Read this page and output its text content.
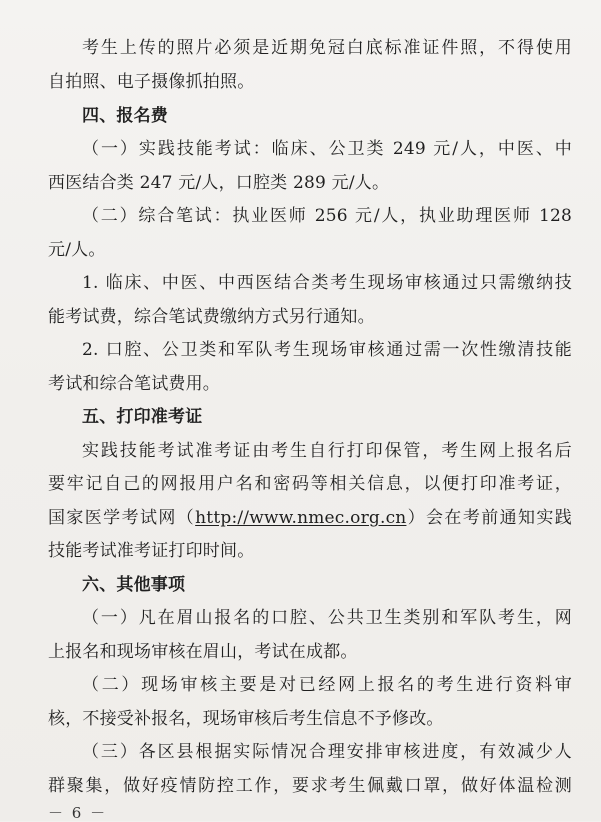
考生上传的照片必须是近期免冠白底标准证件照，不得使用
自拍照、电子摄像抓拍照。
四、报名费
（一）实践技能考试：临床、公卫类 249 元/人，中医、中
西医结合类 247 元/人，口腔类 289 元/人。
（二）综合笔试：执业医师 256 元/人，执业助理医师 128
元/人。
1. 临床、中医、中西医结合类考生现场审核通过只需缴纳技
能考试费，综合笔试费缴纳方式另行通知。
2. 口腔、公卫类和军队考生现场审核通过需一次性缴清技能
考试和综合笔试费用。
五、打印准考证
实践技能考试准考证由考生自行打印保管，考生网上报名后
要牢记自己的网报用户名和密码等相关信息，以便打印准考证，
国家医学考试网（http://www.nmec.org.cn）会在考前通知实践
技能考试准考证打印时间。
六、其他事项
（一）凡在眉山报名的口腔、公共卫生类别和军队考生，网
上报名和现场审核在眉山，考试在成都。
（二）现场审核主要是对已经网上报名的考生进行资料审
核，不接受补报名，现场审核后考生信息不予修改。
（三）各区县根据实际情况合理安排审核进度，有效减少人
群聚集，做好疫情防控工作，要求考生佩戴口罩，做好体温检测
－ 6 －
